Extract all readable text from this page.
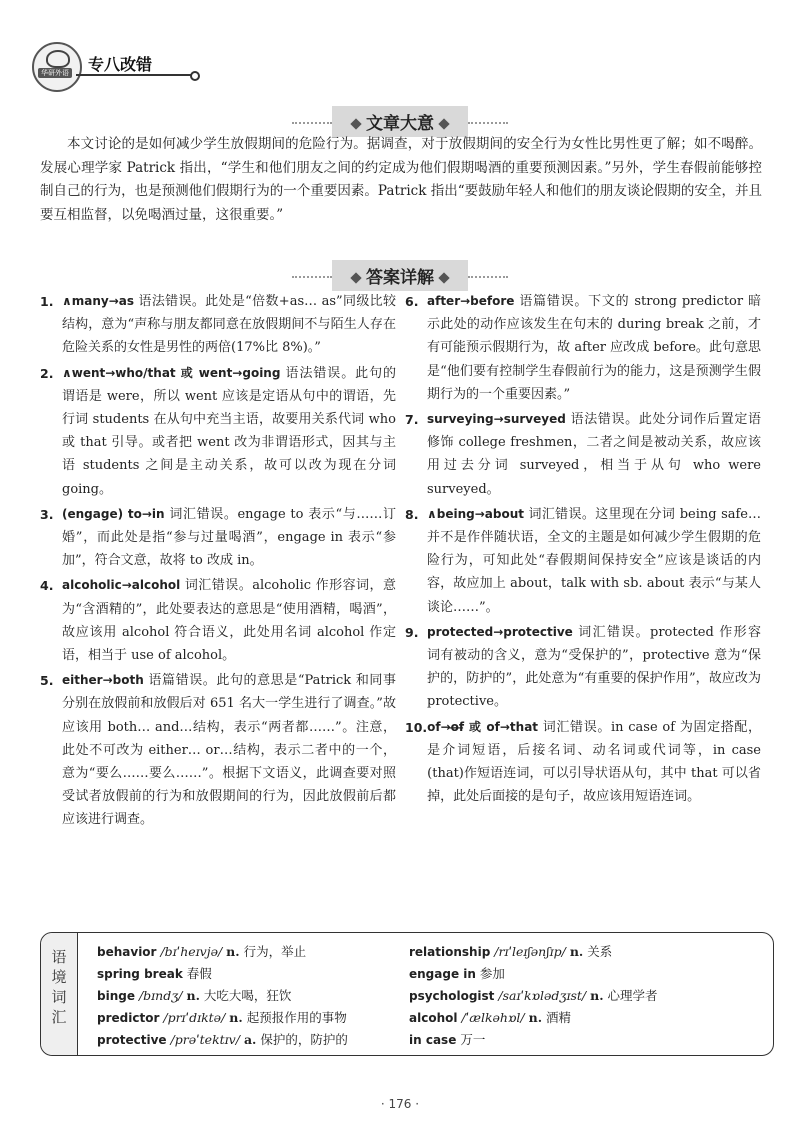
华研外语 专八改错
文章大意
本文讨论的是如何减少学生放假期间的危险行为。据调查，对于放假期间的安全行为女性比男性更了解；如不喝醉。发展心理学家 Patrick 指出，“学生和他们朋友之间的约定成为他们假期喝酒的重要预测因素。”另外，学生春假前能够控制自己的行为，也是预测他们假期行为的一个重要因素。Patrick 指出“要鼓励年轻人和他们的朋友谈论假期的安全，并且要互相监督，以免喝酒过量，这很重要。”
答案详解
1. ∧many→as 语法错误。此处是“倍数+as… as”同级比较结构，意为“声称与朋友都同意在放假期间不与陌生人存在危险关系的女性是男性的两倍(17%比 8%)。”
2. ∧went→who/that 或 went→going 语法错误。此句的谓语是 were，所以 went 应该是定语从句中的谓语，先行词 students 在从句中充当主语，故要用关系代词 who 或 that 引导。或者把 went 改为非谓语形式，因其与主语 students 之间是主动关系，故可以改为现在分词 going。
3. (engage) to→in 词汇错误。engage to 表示“与……订婚”，而此处是指“参与过量喝酒”，engage in 表示“参加”，符合文意，故将 to 改成 in。
4. alcoholic→alcohol 词汇错误。alcoholic 作形容词，意为“含酒精的”，此处要表达的意思是“使用酒精，喝酒”，故应该用 alcohol 符合语义，此处用名词 alcohol 作定语，相当于 use of alcohol。
5. either→both 语篇错误。此句的意思是“Patrick 和同事分别在放假前和放假后对 651 名大一学生进行了调查。”故应该用 both… and…结构，表示“两者都……”。注意，此处不可改为 either… or…结构，表示二者中的一个，意为“要么……要么……”。根据下文语义，此调查要对照受试者放假前的行为和放假期间的行为，因此放假前后都应该进行调查。
6. after→before 语篇错误。下文的 strong predictor 暗示此处的动作应该发生在句末的 during break 之前，才有可能预示假期行为，故 after 应改成 before。此句意思是“他们要有控制学生春假前行为的能力，这是预测学生假期行为的一个重要因素。”
7. surveying→surveyed 语法错误。此处分词作后置定语修饰 college freshmen，二者之间是被动关系，故应该用过去分词 surveyed，相当于从句 who were surveyed。
8. ∧being→about 词汇错误。这里现在分词 being safe…并不是作伴随状语，全文的主题是如何减少学生假期的危险行为，可知此处“春假期间保持安全”应该是谈话的内容，故应加上 about，talk with sb. about 表示“与某人谈论……”。
9. protected→protective 词汇错误。protected 作形容词有被动的含义，意为“受保护的”，protective 意为“保护的，防护的”，此处意为“有重要的保护作用”，故应改为 protective。
10. of→o̶f̶ 或 of→that 词汇错误。in case of 为固定搭配，是介词短语，后接名词、动名词或代词等，in case (that)作短语连词，可以引导状语从句，其中 that 可以省掉，此处后面接的是句子，故应该用短语连词。
语境词汇
behavior /bɪˈheɪvjə/ n. 行为，举止
spring break 春假
binge /bɪndʒ/ n. 大吃大喝，狂饮
predictor /prɪˈdɪktə/ n. 起预报作用的事物
protective /prəˈtektɪv/ a. 保护的，防护的
relationship /rɪˈleɪʃənʃɪp/ n. 关系
engage in 参加
psychologist /saɪˈkɒlədʒɪst/ n. 心理学者
alcohol /ˈælkəhɒl/ n. 酒精
in case 万一
· 176 ·
